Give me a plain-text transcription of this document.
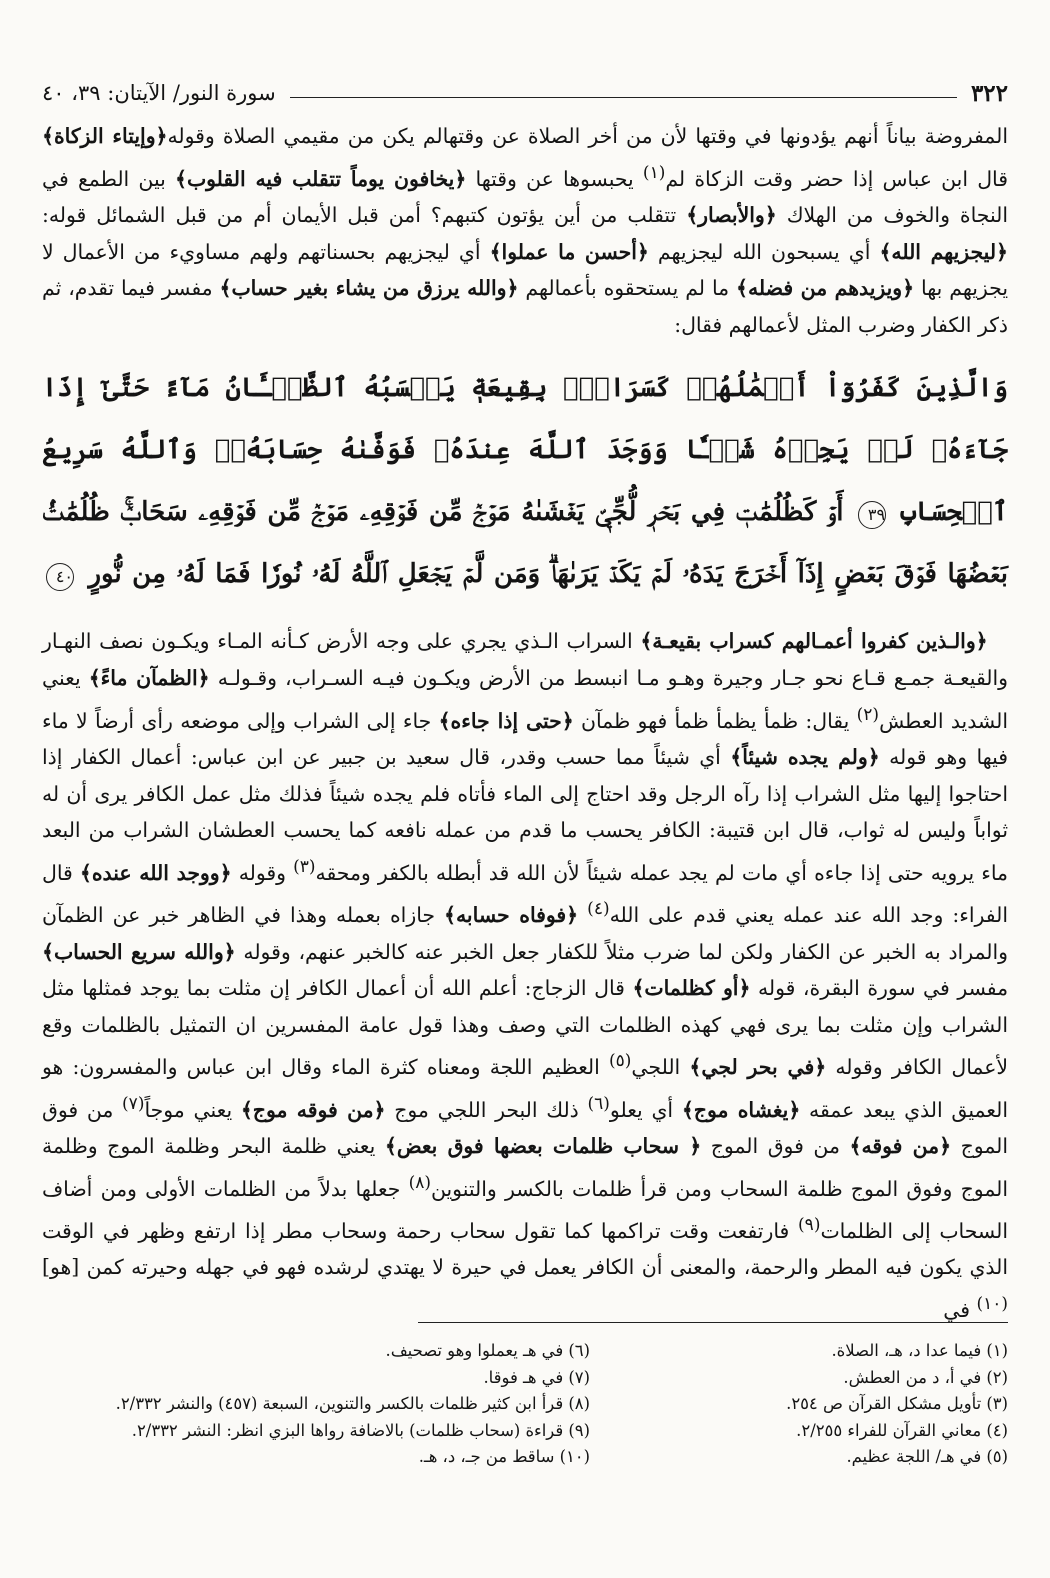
٣٢٢
سورة النور/ الآيتان: ٣٩، ٤٠
المفروضة بياناً أنهم يؤدونها في وقتها لأن من أخر الصلاة عن وقتهالم يكن من مقيمي الصلاة وقوله﴿وإيتاء الزكاة﴾ قال ابن عباس إذا حضر وقت الزكاة لم$^{(١)}$ يحبسوها عن وقتها ﴿يخافون يوماً تتقلب فيه القلوب﴾ بين الطمع في النجاة والخوف من الهلاك ﴿والأبصار﴾ تتقلب من أين يؤتون كتبهم؟ أمن قبل الأيمان أم من قبل الشمائل قوله: ﴿ليجزيهم الله﴾ أي يسبحون الله ليجزيهم ﴿أحسن ما عملوا﴾ أي ليجزيهم بحسناتهم ولهم مساويء من الأعمال لا يجزيهم بها ﴿ويزيدهم من فضله﴾ ما لم يستحقوه بأعمالهم ﴿والله يرزق من يشاء بغير حساب﴾ مفسر فيما تقدم، ثم ذكر الكفار وضرب المثل لأعمالهم فقال:
وَالَّذِينَ كَفَرُوٓاْ أَعۡمَٰلُهُمۡ كَسَرَابِۭ بِقِيعَةٖ يَحۡسَبُهُ ٱلظَّمۡـَٔانُ مَآءً حَتَّىٰٓ إِذَا جَآءَهُۥ لَمۡ يَجِدۡهُ شَيۡـٔٗا وَوَجَدَ ٱللَّهَ عِندَهُۥ فَوَفَّىٰهُ حِسَابَهُۥۗ وَٱللَّهُ سَرِيعُ ٱلۡحِسَابِ ٣٩ أَوۡ كَظُلُمَٰتٖ فِي بَحۡرٖ لُّجِّيّٖ يَغۡشَىٰهُ مَوۡجٞ مِّن فَوۡقِهِۦ مَوۡجٞ مِّن فَوۡقِهِۦ سَحَابٞۚ ظُلُمَٰتُۢ بَعۡضُهَا فَوۡقَ بَعۡضٍ إِذَآ أَخۡرَجَ يَدَهُۥ لَمۡ يَكَدۡ يَرَىٰهَاۗ وَمَن لَّمۡ يَجۡعَلِ ٱللَّهُ لَهُۥ نُورٗا فَمَا لَهُۥ مِن نُّورٍ ٤٠
 ﴿والـذين كفروا أعمـالهم كسراب بقيعـة﴾ السراب الـذي يجري على وجه الأرض كـأنه المـاء ويكـون نصف النهـار والقيعـة جمـع قـاع نحو جـار وجيرة وهـو مـا انبسط من الأرض ويكـون فيـه السـراب، وقـولـه ﴿الظمآن ماءً﴾ يعني الشديد العطش$^{(٢)}$ يقال: ظمأ يظمأ ظمأ فهو ظمآن ﴿حتى إذا جاءه﴾ جاء إلى الشراب وإلى موضعه رأى أرضاً لا ماء فيها وهو قوله ﴿ولم يجده شيئاً﴾ أي شيئاً مما حسب وقدر، قال سعيد بن جبير عن ابن عباس: أعمال الكفار إذا احتاجوا إليها مثل الشراب إذا رآه الرجل وقد احتاج إلى الماء فأتاه فلم يجده شيئاً فذلك مثل عمل الكافر يرى أن له ثواباً وليس له ثواب، قال ابن قتيبة: الكافر يحسب ما قدم من عمله نافعه كما يحسب العطشان الشراب من البعد ماء يرويه حتى إذا جاءه أي مات لم يجد عمله شيئاً لأن الله قد أبطله بالكفر ومحقه$^{(٣)}$ وقوله ﴿ووجد الله عنده﴾ قال الفراء: وجد الله عند عمله يعني قدم على الله$^{(٤)}$ ﴿فوفاه حسابه﴾ جازاه بعمله وهذا في الظاهر خبر عن الظمآن والمراد به الخبر عن الكفار ولكن لما ضرب مثلاً للكفار جعل الخبر عنه كالخبر عنهم، وقوله ﴿والله سريع الحساب﴾ مفسر في سورة البقرة، قوله ﴿أو كظلمات﴾ قال الزجاج: أعلم الله أن أعمال الكافر إن مثلت بما يوجد فمثلها مثل الشراب وإن مثلت بما يرى فهي كهذه الظلمات التي وصف وهذا قول عامة المفسرين ان التمثيل بالظلمات وقع لأعمال الكافر وقوله ﴿في بحر لجي﴾ اللجي$^{(٥)}$ العظيم اللجة ومعناه كثرة الماء وقال ابن عباس والمفسرون: هو العميق الذي يبعد عمقه ﴿يغشاه موج﴾ أي يعلو$^{(٦)}$ ذلك البحر اللجي موج ﴿من فوقه موج﴾ يعني موجاً$^{(٧)}$ من فوق الموج ﴿من فوقه﴾ من فوق الموج ﴿ سحاب ظلمات بعضها فوق بعض﴾ يعني ظلمة البحر وظلمة الموج وظلمة الموج وفوق الموج ظلمة السحاب ومن قرأ ظلمات بالكسر والتنوين$^{(٨)}$ جعلها بدلاً من الظلمات الأولى ومن أضاف السحاب إلى الظلمات$^{(٩)}$ فارتفعت وقت تراكمها كما تقول سحاب رحمة وسحاب مطر إذا ارتفع وظهر في الوقت الذي يكون فيه المطر والرحمة، والمعنى أن الكافر يعمل في حيرة لا يهتدي لرشده فهو في جهله وحيرته كمن [هو]$^{(١٠)}$ في
(١) فيما عدا د، هـ، الصلاة.
(٢) في أ، د من العطش.
(٣) تأويل مشكل القرآن ص ٢٥٤.
(٤) معاني القرآن للفراء ٢/٢٥٥.
(٥) في هـ/ اللجة عظيم.
(٦) في هـ يعملوا وهو تصحيف.
(٧) في هـ فوقا.
(٨) قرأ ابن كثير ظلمات بالكسر والتنوين، السبعة (٤٥٧) والنشر ٢/٣٣٢.
(٩) قراءة (سحاب ظلمات) بالاضافة رواها البزي انظر: النشر ٢/٣٣٢.
(١٠) ساقط من جـ، د، هـ.
